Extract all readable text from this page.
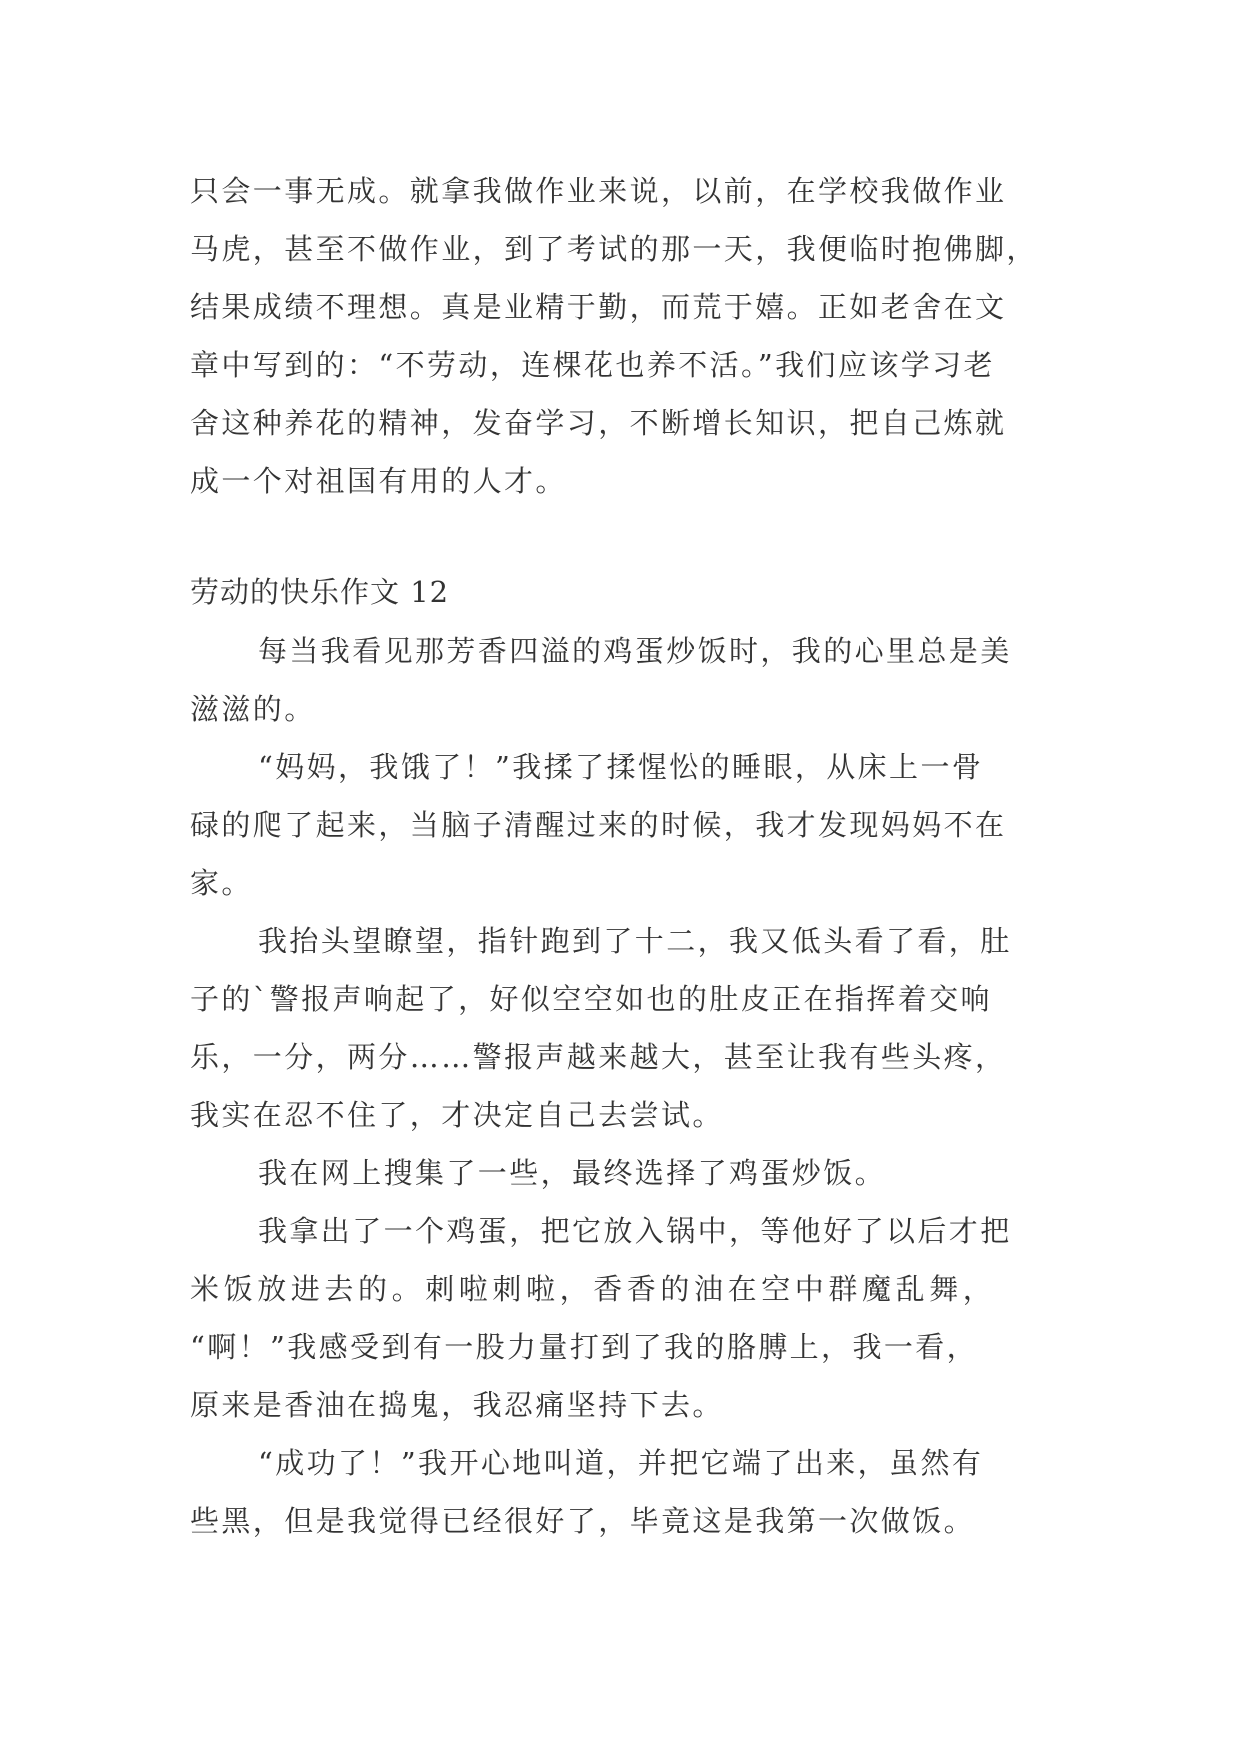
只会一事无成。就拿我做作业来说，以前，在学校我做作业
马虎，甚至不做作业，到了考试的那一天，我便临时抱佛脚，
结果成绩不理想。真是业精于勤，而荒于嬉。正如老舍在文
章中写到的：“不劳动，连棵花也养不活。”我们应该学习老
舍这种养花的精神，发奋学习，不断增长知识，把自己炼就
成一个对祖国有用的人才。
劳动的快乐作文 12
每当我看见那芳香四溢的鸡蛋炒饭时，我的心里总是美
滋滋的。
“妈妈，我饿了！”我揉了揉惺忪的睡眼，从床上一骨
碌的爬了起来，当脑子清醒过来的时候，我才发现妈妈不在
家。
我抬头望瞭望，指针跑到了十二，我又低头看了看，肚
子的`警报声响起了，好似空空如也的肚皮正在指挥着交响
乐，一分，两分……警报声越来越大，甚至让我有些头疼，
我实在忍不住了，才决定自己去尝试。
我在网上搜集了一些，最终选择了鸡蛋炒饭。
我拿出了一个鸡蛋，把它放入锅中，等他好了以后才把
米饭放进去的。刺啦刺啦，香香的油在空中群魔乱舞，
“啊！”我感受到有一股力量打到了我的胳膊上，我一看，
原来是香油在捣鬼，我忍痛坚持下去。
“成功了！”我开心地叫道，并把它端了出来，虽然有
些黑，但是我觉得已经很好了，毕竟这是我第一次做饭。
